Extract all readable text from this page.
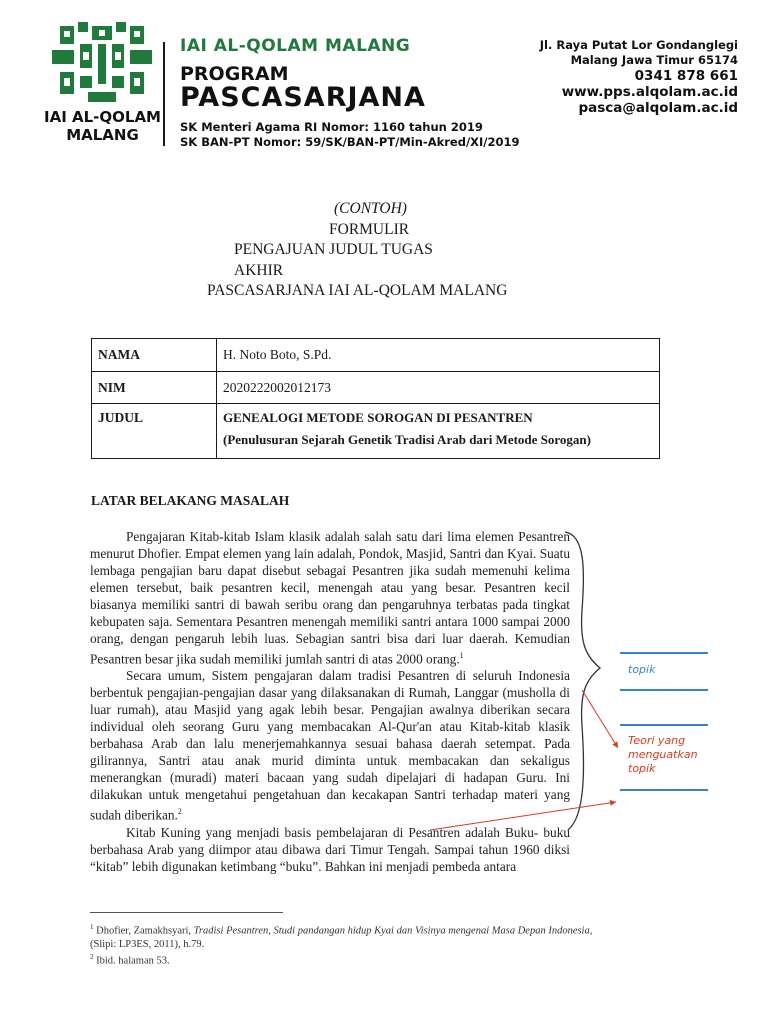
IAI AL-QOLAM
MALANG
IAI AL-QOLAM MALANG
PROGRAM
PASCASARJANA
SK Menteri Agama RI Nomor: 1160 tahun 2019
SK BAN-PT Nomor: 59/SK/BAN-PT/Min-Akred/XI/2019
Jl. Raya Putat Lor Gondanglegi
Malang Jawa Timur 65174
0341 878 661
www.pps.alqolam.ac.id
pasca@alqolam.ac.id
(CONTOH)
FORMULIR
PENGAJUAN JUDUL TUGAS
AKHIR
PASCASARJANA IAI AL-QOLAM MALANG
NAMA	H. Noto Boto, S.Pd.
NIM	2020222002012173
JUDUL	GENEALOGI METODE SOROGAN DI PESANTREN
(Penulusuran Sejarah Genetik Tradisi Arab dari Metode Sorogan)
LATAR BELAKANG MASALAH

Pengajaran Kitab-kitab Islam klasik adalah salah satu dari lima elemen Pesantren menurut Dhofier. Empat elemen yang lain adalah, Pondok, Masjid, Santri dan Kyai. Suatu lembaga pengajian baru dapat disebut sebagai Pesantren jika sudah memenuhi kelima elemen tersebut, baik pesantren kecil, menengah atau yang besar. Pesantren kecil biasanya memiliki santri di bawah seribu orang dan pengaruhnya terbatas pada tingkat kebupaten saja. Sementara Pesantren menengah memiliki santri antara 1000 sampai 2000 orang, dengan pengaruh lebih luas. Sebagian santri bisa dari luar daerah. Kemudian Pesantren besar jika sudah memiliki jumlah santri di atas 2000 orang.$^1$

Secara umum, Sistem pengajaran dalam tradisi Pesantren di seluruh Indonesia berbentuk pengajian-pengajian dasar yang dilaksanakan di Rumah, Langgar (musholla di luar rumah), atau Masjid yang agak lebih besar. Pengajian awalnya diberikan secara individual oleh seorang Guru yang membacakan Al-Qur'an atau Kitab-kitab klasik berbahasa Arab dan lalu menerjemahkannya sesuai bahasa daerah setempat. Pada gilirannya, Santri atau anak murid diminta untuk membacakan dan sekaligus menerangkan (muradi) materi bacaan yang sudah dipelajari di hadapan Guru. Ini dilakukan untuk mengetahui pengetahuan dan kecakapan Santri terhadap materi yang sudah diberikan.$^2$

Kitab Kuning yang menjadi basis pembelajaran di Pesantren adalah Buku- buku berbahasa Arab yang diimpor atau dibawa dari Timur Tengah. Sampai tahun 1960 diksi “kitab” lebih digunakan ketimbang “buku”. Bahkan ini menjadi pembeda antara

$^1$ Dhofier, Zamakhsyari, Tradisi Pesantren, Studi pandangan hidup Kyai dan Visinya mengenai Masa Depan Indonesia, (Slipi: LP3ES, 2011), h.79.
$^2$ Ibid. halaman 53.
topik
Teori yang
menguatkan
topik
